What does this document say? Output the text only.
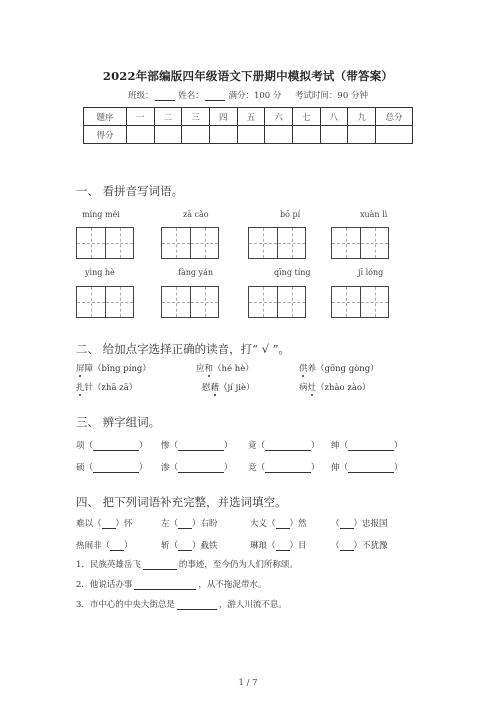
2022年部编版四年级语文下册期中模拟考试（带答案）
班级：	姓名：	满分：100 分 考试时间：90 分钟
题序	一	二	三	四	五	六	七	八	九	总分
得分										
一、 看拼音写词语。
míng méi	zā cǎo	bō pí	xuàn lì
yìng hè	fàng yán	qīng tíng	jī lóng
二、 给加点字选择正确的读音，打“ √ ”。
屏障（bǐng píng）	应和（hé hè）	供养（gōng gòng）
扎针（zhā zā）	慰藉（jí jiè）	病灶（zhào zào）
三、 辨字组词。
项（	） 惨（	） 竟（	） 绅（	）
硕（	） 渗（	） 竞（	） 伸（	）
四、 把下列词语补充完整，并选词填空。
难以（ ）怀	左（ ）右盼	大义（ ）然	（ ）忠报国
热闹非（ ）	斩（ ）截铁	琳琅（ ）目	（ ）不犹豫
1．民族英雄岳飞	的事迹，至今仍为人们所称颂。
2．他说话办事	，从不拖泥带水。
3．市中心的中央大街总是	，游人川流不息。
1 / 7
